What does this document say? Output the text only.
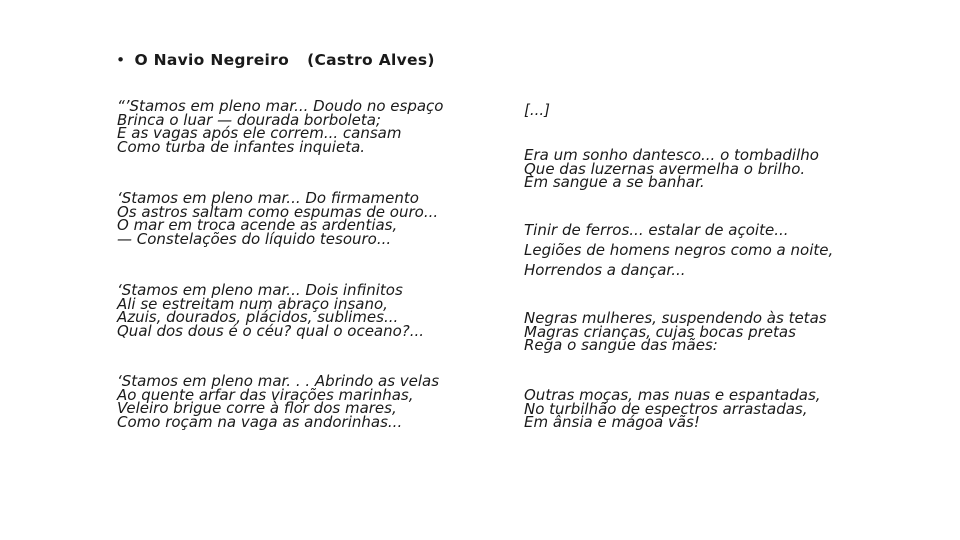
• O Navio Negreiro (Castro Alves)
“’Stamos em pleno mar... Doudo no espaço
Brinca o luar — dourada borboleta;
E as vagas após ele correm... cansam
Como turba de infantes inquieta.
‘Stamos em pleno mar... Do firmamento
Os astros saltam como espumas de ouro...
O mar em troca acende as ardentias,
— Constelações do líquido tesouro...
‘Stamos em pleno mar... Dois infinitos
Ali se estreitam num abraço insano,
Azuis, dourados, plácidos, sublimes...
Qual dos dous é o céu? qual o oceano?...
‘Stamos em pleno mar. . . Abrindo as velas
Ao quente arfar das virações marinhas,
Veleiro brigue corre à flor dos mares,
Como roçam na vaga as andorinhas...
[...]
Era um sonho dantesco... o tombadilho
Que das luzernas avermelha o brilho.
Em sangue a se banhar.
Tinir de ferros... estalar de açoite...
Legiões de homens negros como a noite,
Horrendos a dançar...
Negras mulheres, suspendendo às tetas
Magras crianças, cujas bocas pretas
Rega o sangue das mães:
Outras moças, mas nuas e espantadas,
No turbilhão de espectros arrastadas,
Em ânsia e mágoa vãs!
